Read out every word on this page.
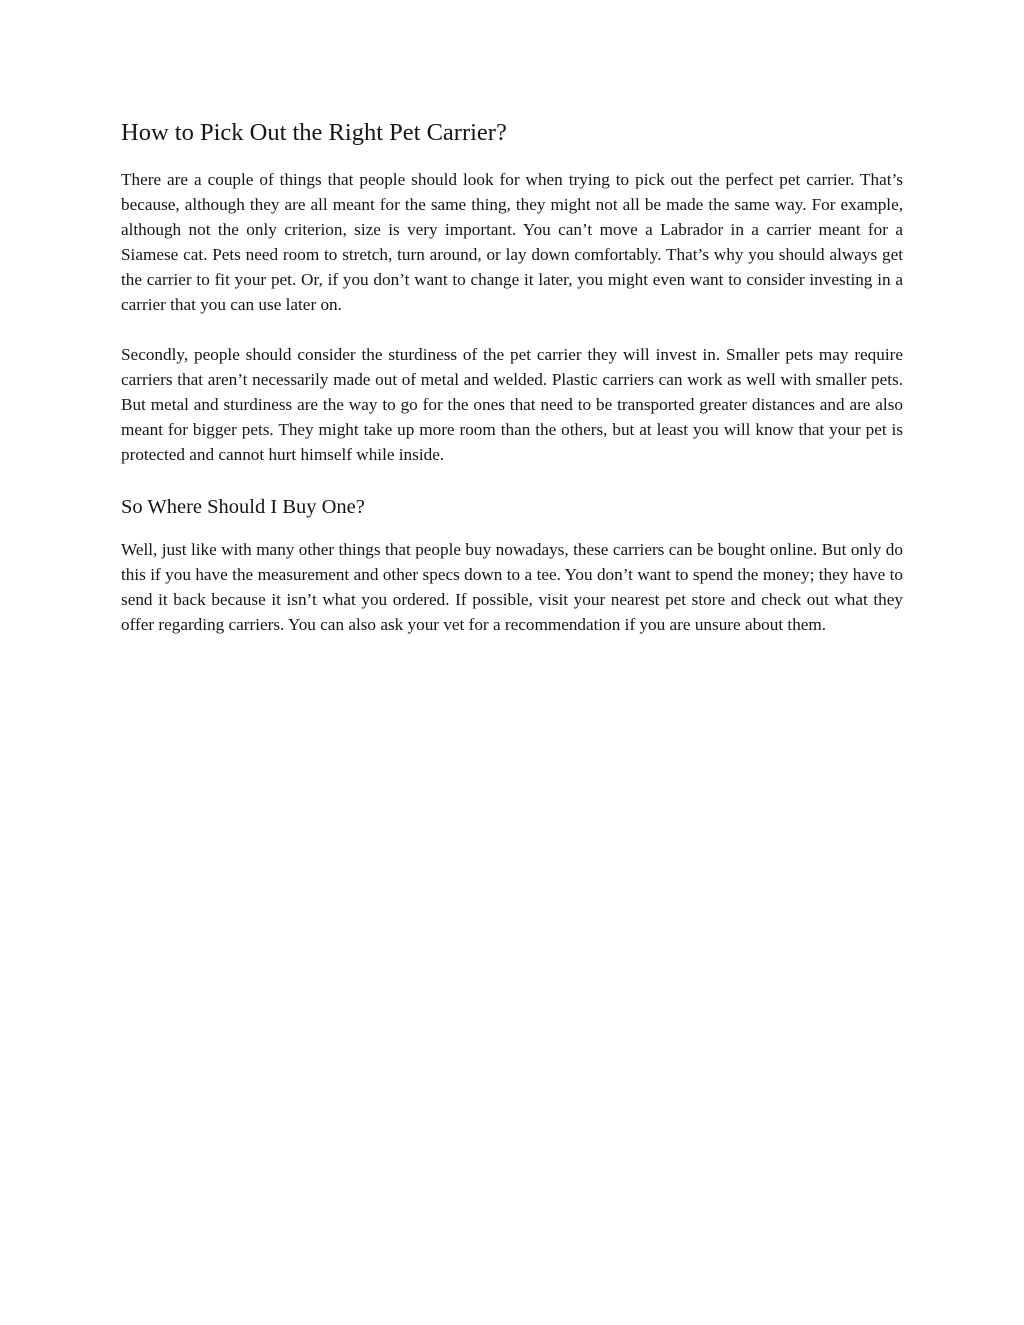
How to Pick Out the Right Pet Carrier?

There are a couple of things that people should look for when trying to pick out the perfect pet carrier. That’s because, although they are all meant for the same thing, they might not all be made the same way. For example, although not the only criterion, size is very important. You can’t move a Labrador in a carrier meant for a Siamese cat. Pets need room to stretch, turn around, or lay down comfortably. That’s why you should always get the carrier to fit your pet. Or, if you don’t want to change it later, you might even want to consider investing in a carrier that you can use later on.

Secondly, people should consider the sturdiness of the pet carrier they will invest in. Smaller pets may require carriers that aren’t necessarily made out of metal and welded. Plastic carriers can work as well with smaller pets. But metal and sturdiness are the way to go for the ones that need to be transported greater distances and are also meant for bigger pets. They might take up more room than the others, but at least you will know that your pet is protected and cannot hurt himself while inside.

So Where Should I Buy One?

Well, just like with many other things that people buy nowadays, these carriers can be bought online. But only do this if you have the measurement and other specs down to a tee. You don’t want to spend the money; they have to send it back because it isn’t what you ordered. If possible, visit your nearest pet store and check out what they offer regarding carriers. You can also ask your vet for a recommendation if you are unsure about them.
